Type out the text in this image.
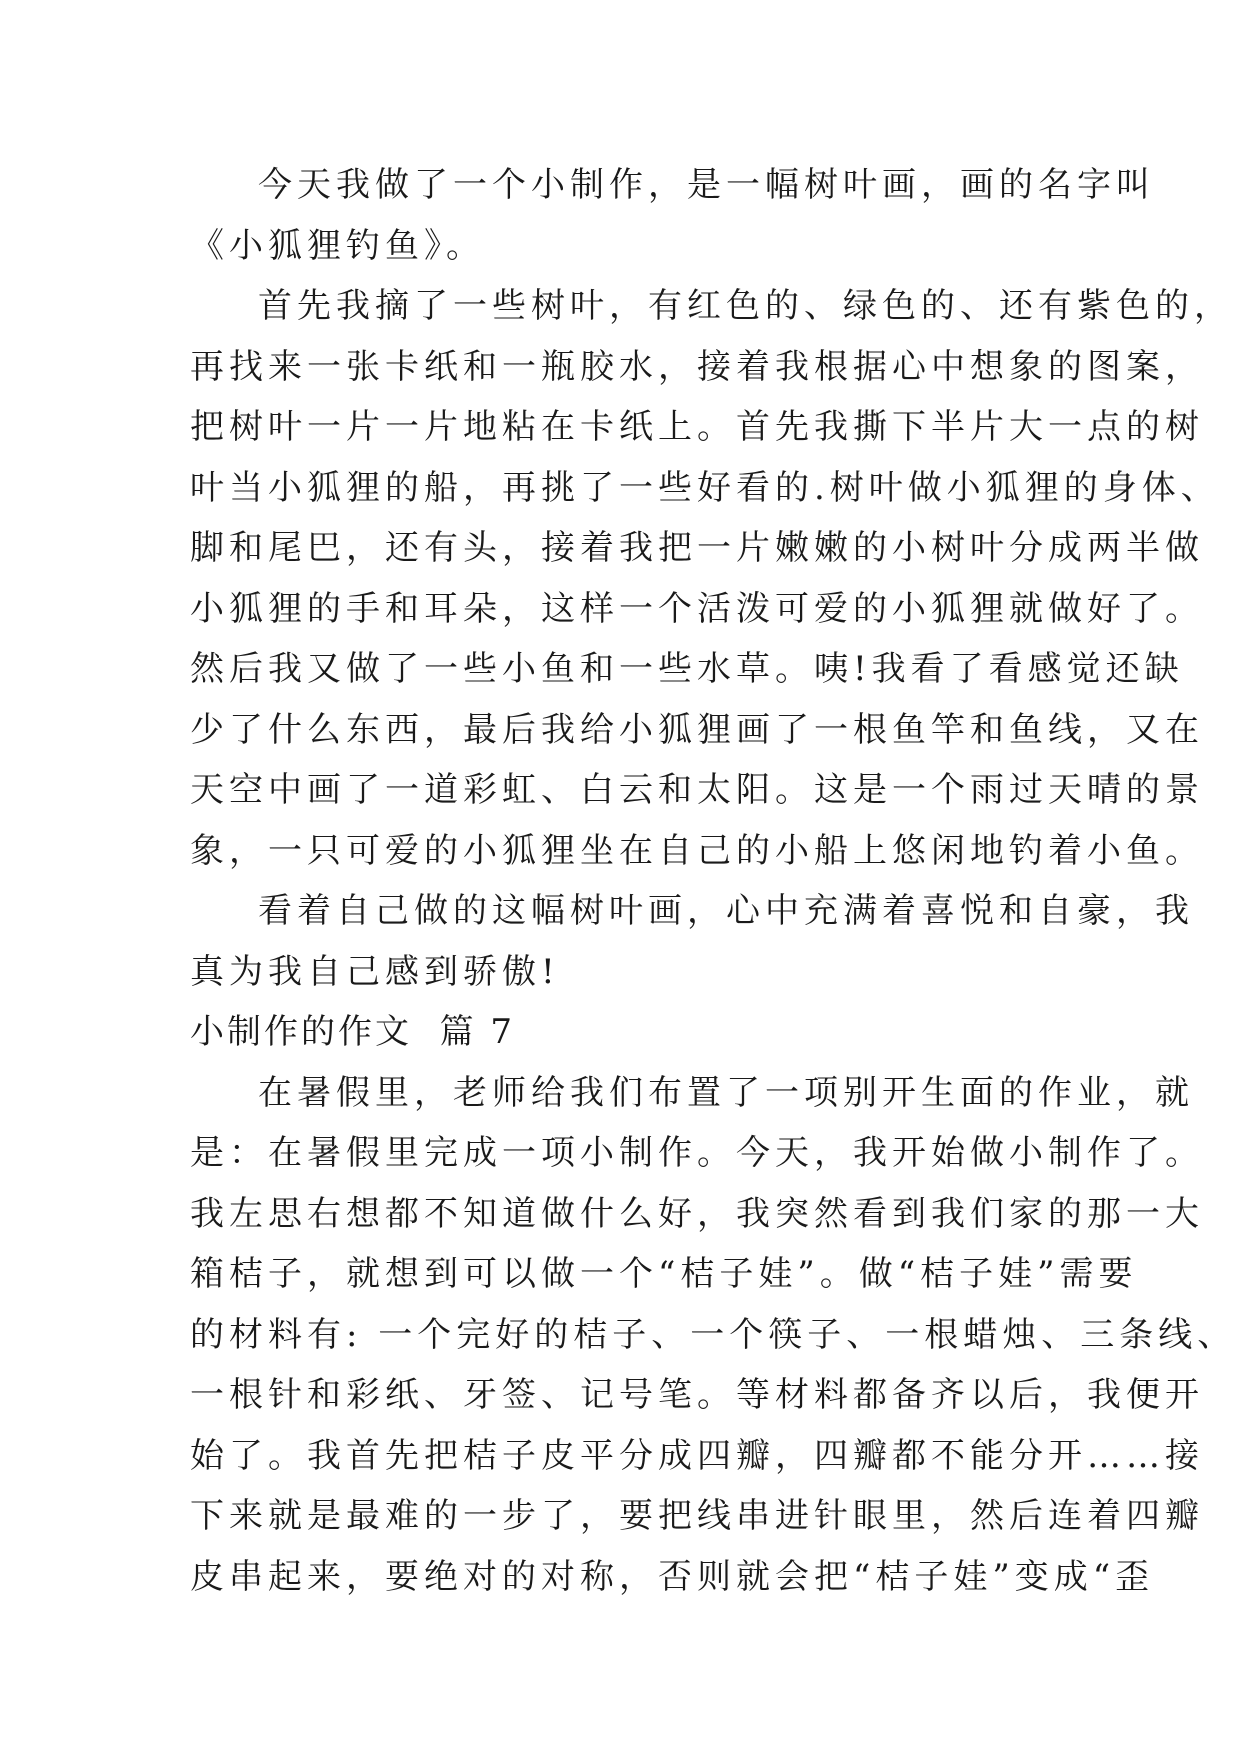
今天我做了一个小制作，是一幅树叶画，画的名字叫
《小狐狸钓鱼》。
首先我摘了一些树叶，有红色的、绿色的、还有紫色的，
再找来一张卡纸和一瓶胶水，接着我根据心中想象的图案，
把树叶一片一片地粘在卡纸上。首先我撕下半片大一点的树
叶当小狐狸的船，再挑了一些好看的.树叶做小狐狸的身体、
脚和尾巴，还有头，接着我把一片嫩嫩的小树叶分成两半做
小狐狸的手和耳朵，这样一个活泼可爱的小狐狸就做好了。
然后我又做了一些小鱼和一些水草。咦!我看了看感觉还缺
少了什么东西，最后我给小狐狸画了一根鱼竿和鱼线，又在
天空中画了一道彩虹、白云和太阳。这是一个雨过天晴的景
象，一只可爱的小狐狸坐在自己的小船上悠闲地钓着小鱼。
看着自己做的这幅树叶画，心中充满着喜悦和自豪，我
真为我自己感到骄傲!
小制作的作文  篇 7
在暑假里，老师给我们布置了一项别开生面的作业，就
是：在暑假里完成一项小制作。今天，我开始做小制作了。
我左思右想都不知道做什么好，我突然看到我们家的那一大
箱桔子，就想到可以做一个“桔子娃”。做“桔子娃”需要
的材料有: 一个完好的桔子、一个筷子、一根蜡烛、三条线、
一根针和彩纸、牙签、记号笔。等材料都备齐以后，我便开
始了。我首先把桔子皮平分成四瓣，四瓣都不能分开……接
下来就是最难的一步了，要把线串进针眼里，然后连着四瓣
皮串起来，要绝对的对称，否则就会把“桔子娃”变成“歪
